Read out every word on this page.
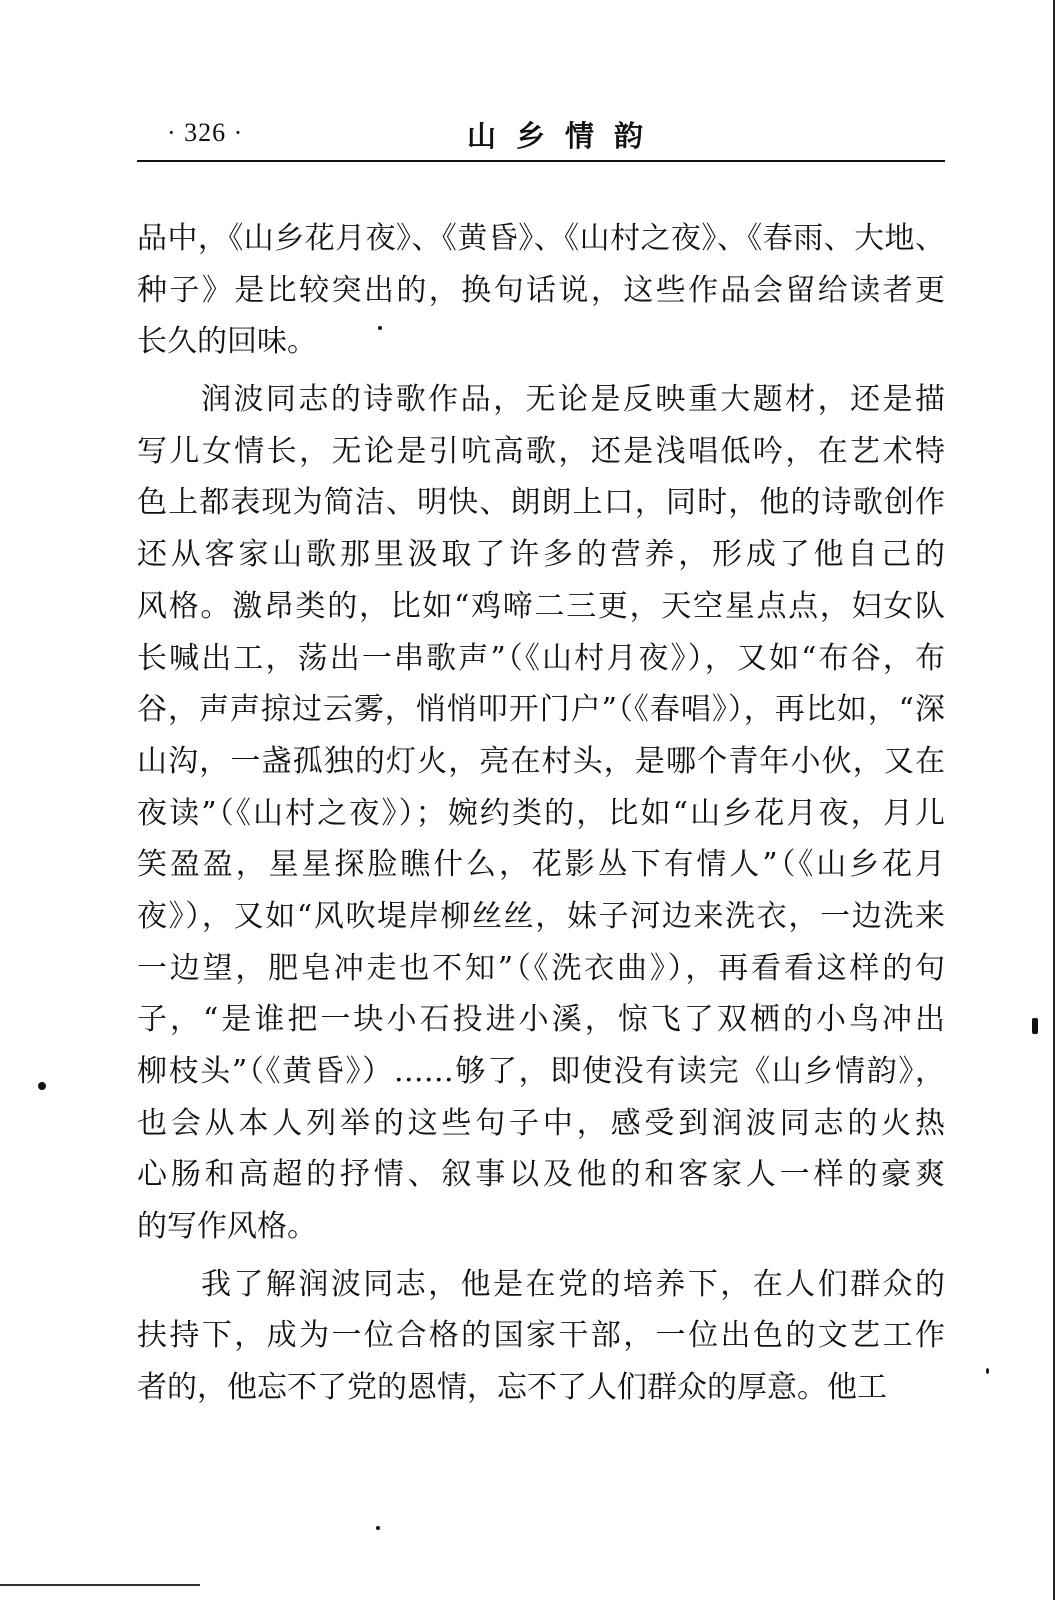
· 326 ·	山乡情韵
品中，《山乡花月夜》、《黄昏》、《山村之夜》、《春雨、大地、
种子》是比较突出的，换句话说，这些作品会留给读者更
长久的回味。
润波同志的诗歌作品，无论是反映重大题材，还是描
写儿女情长，无论是引吭高歌，还是浅唱低吟，在艺术特
色上都表现为简洁、明快、朗朗上口，同时，他的诗歌创作
还从客家山歌那里汲取了许多的营养，形成了他自己的
风格。激昂类的，比如“鸡啼二三更，天空星点点，妇女队
长喊出工，荡出一串歌声”（《山村月夜》），又如“布谷，布
谷，声声掠过云雾，悄悄叩开门户”（《春唱》），再比如，“深
山沟，一盏孤独的灯火，亮在村头，是哪个青年小伙，又在
夜读”（《山村之夜》）；婉约类的，比如“山乡花月夜，月儿
笑盈盈，星星探脸瞧什么，花影丛下有情人”（《山乡花月
夜》），又如“风吹堤岸柳丝丝，妹子河边来洗衣，一边洗来
一边望，肥皂冲走也不知”（《洗衣曲》），再看看这样的句
子，“是谁把一块小石投进小溪，惊飞了双栖的小鸟冲出
柳枝头”（《黄昏》）……够了，即使没有读完《山乡情韵》，
也会从本人列举的这些句子中，感受到润波同志的火热
心肠和高超的抒情、叙事以及他的和客家人一样的豪爽
的写作风格。
我了解润波同志，他是在党的培养下，在人们群众的
扶持下，成为一位合格的国家干部，一位出色的文艺工作
者的，他忘不了党的恩情，忘不了人们群众的厚意。他工
